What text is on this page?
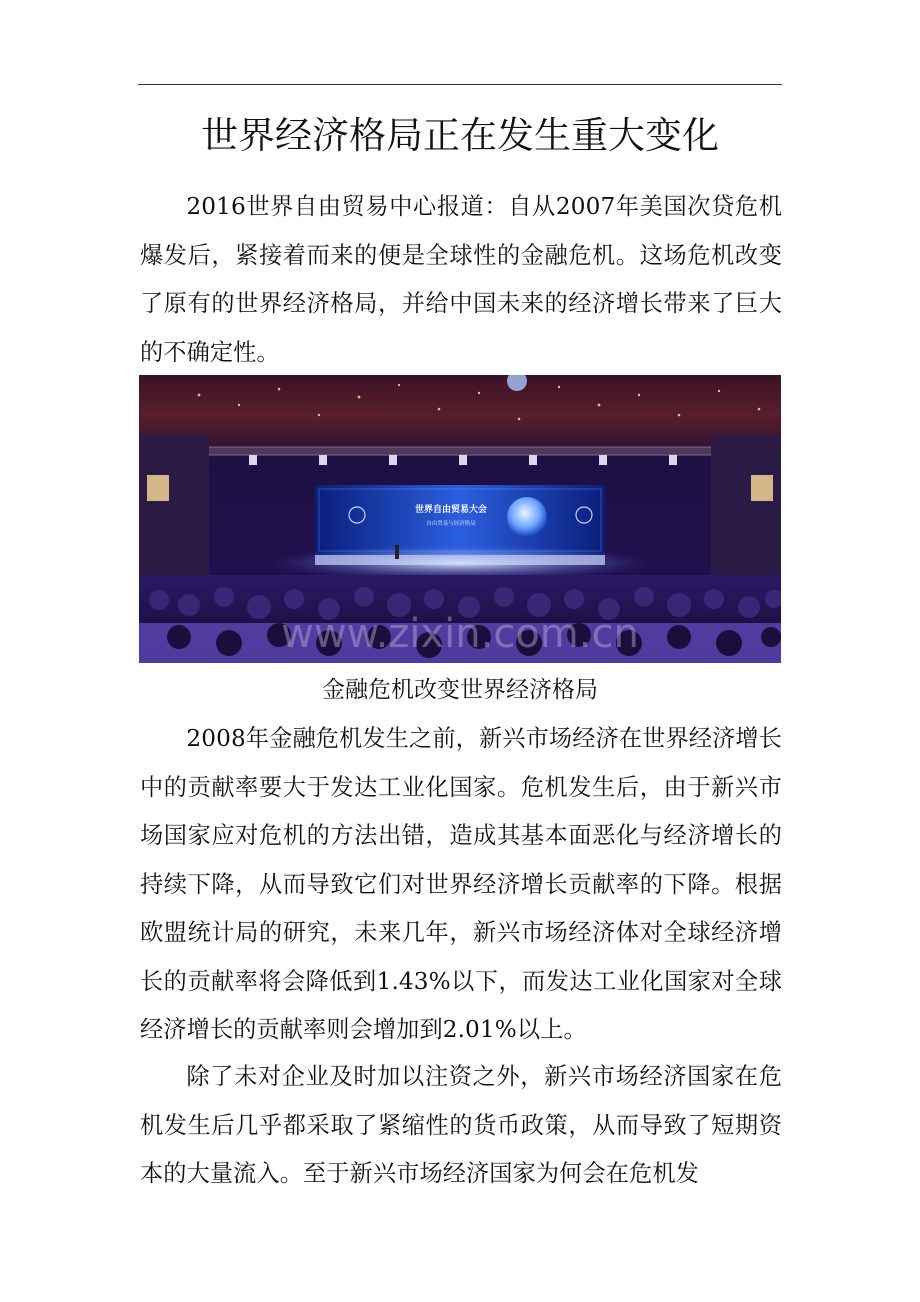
世界经济格局正在发生重大变化

2016世界自由贸易中心报道：自从2007年美国次贷危机爆发后，紧接着而来的便是全球性的金融危机。这场危机改变了原有的世界经济格局，并给中国未来的经济增长带来了巨大的不确定性。

世界自由贸易大会
自由贸易与经济格局
www.zixin.com.cn
金融危机改变世界经济格局

2008年金融危机发生之前，新兴市场经济在世界经济增长中的贡献率要大于发达工业化国家。危机发生后，由于新兴市场国家应对危机的方法出错，造成其基本面恶化与经济增长的持续下降，从而导致它们对世界经济增长贡献率的下降。根据欧盟统计局的研究，未来几年，新兴市场经济体对全球经济增长的贡献率将会降低到1.43%以下，而发达工业化国家对全球经济增长的贡献率则会增加到2.01%以上。

除了未对企业及时加以注资之外，新兴市场经济国家在危机发生后几乎都采取了紧缩性的货币政策，从而导致了短期资本的大量流入。至于新兴市场经济国家为何会在危机发
